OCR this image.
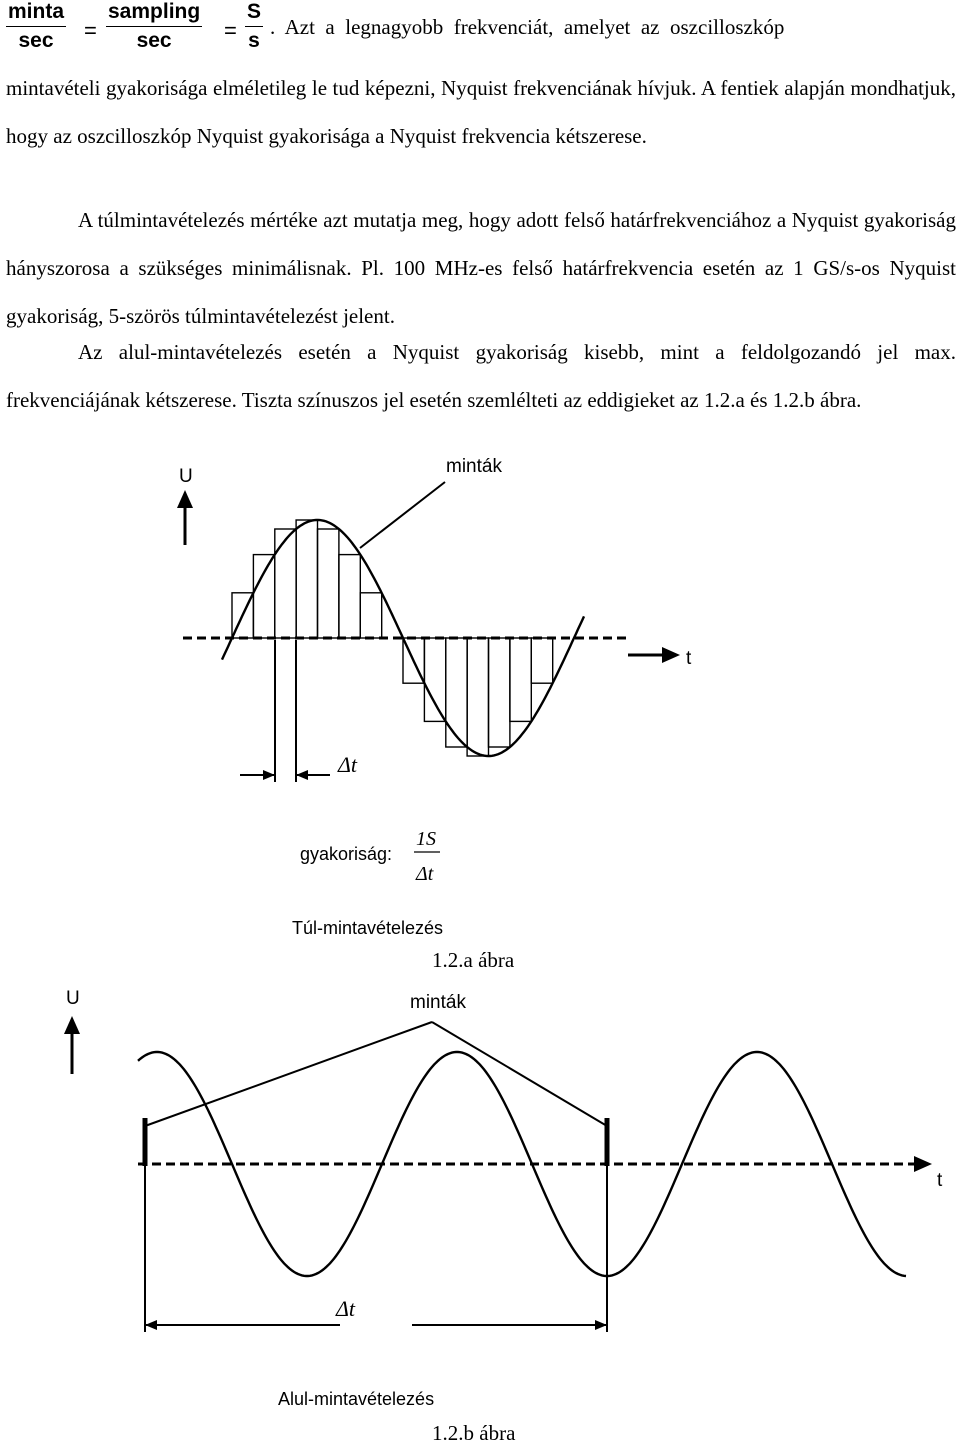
minta
sec	=
sampling
sec	= $\frac{S}{s}$ .  Azt  a  legnagyobb  frekvenciát,  amelyet  az  oszcilloszkóp
mintavételi gyakorisága elméletileg le tud képezni, Nyquist frekvenciának hívjuk. A fentiek alapján mondhatjuk, hogy az oszcilloszkóp Nyquist gyakorisága a Nyquist frekvencia kétszerese.
A túlmintavételezés mértéke azt mutatja meg, hogy adott felső határfrekvenciához a Nyquist gyakoriság hányszorosa a szükséges minimálisnak. Pl. 100 MHz-es felső határfrekvencia esetén az 1 GS/s-os Nyquist gyakoriság, 5-szörös túlmintavételezést jelent.
Az alul-mintavételezés esetén a Nyquist gyakoriság kisebb, mint a feldolgozandó jel max. frekvenciájának kétszerese. Tiszta színuszos jel esetén szemlélteti az eddigieket az 1.2.a és 1.2.b ábra.
U
t
minták
Δt
gyakoriság:
1S
Δt
Túl-mintavételezés
1.2.a ábra
U
t
minták
Δt
Alul-mintavételezés
1.2.b ábra
